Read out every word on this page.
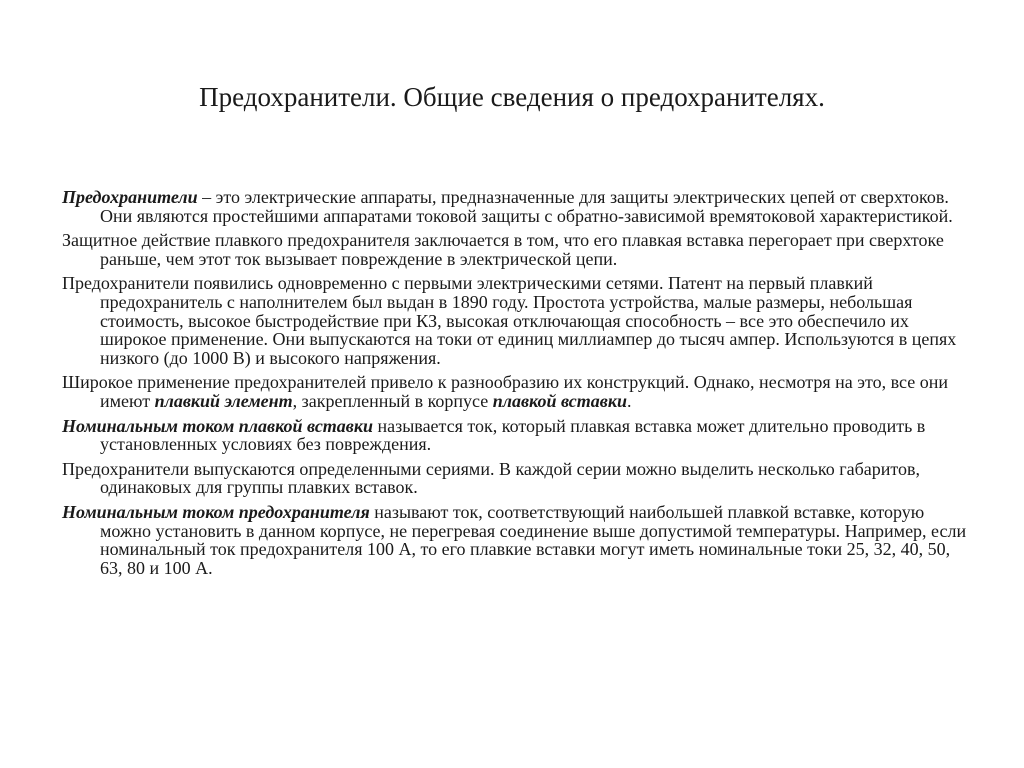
Предохранители. Общие сведения о предохранителях.

Предохранители – это электрические аппараты, предназначенные для защиты электрических цепей от сверхтоков. Они являются простейшими аппаратами токовой защиты с обратно-зависимой времятоковой характеристикой.

Защитное действие плавкого предохранителя заключается в том, что его плавкая вставка перегорает при сверхтоке раньше, чем этот ток вызывает повреждение в электрической цепи.

Предохранители появились одновременно с первыми электрическими сетями. Патент на первый плавкий предохранитель с наполнителем был выдан в 1890 году. Простота устройства, малые размеры, небольшая стоимость, высокое быстродействие при КЗ, высокая отключающая способность – все это обеспечило их широкое применение. Они выпускаются на токи от единиц миллиампер до тысяч ампер. Используются в цепях низкого (до 1000 В) и высокого напряжения.

Широкое применение предохранителей привело к разнообразию их конструкций. Однако, несмотря на это, все они имеют плавкий элемент, закрепленный в корпусе плавкой вставки.

Номинальным током плавкой вставки называется ток, который плавкая вставка может длительно проводить в установленных условиях без повреждения.

Предохранители выпускаются определенными сериями. В каждой серии можно выделить несколько габаритов, одинаковых для группы плавких вставок.

Номинальным током предохранителя называют ток, соответствующий наибольшей плавкой вставке, которую можно установить в данном корпусе, не перегревая соединение выше допустимой температуры. Например, если номинальный ток предохранителя 100 А, то его плавкие вставки могут иметь номинальные токи 25, 32, 40, 50, 63, 80 и 100 А.
